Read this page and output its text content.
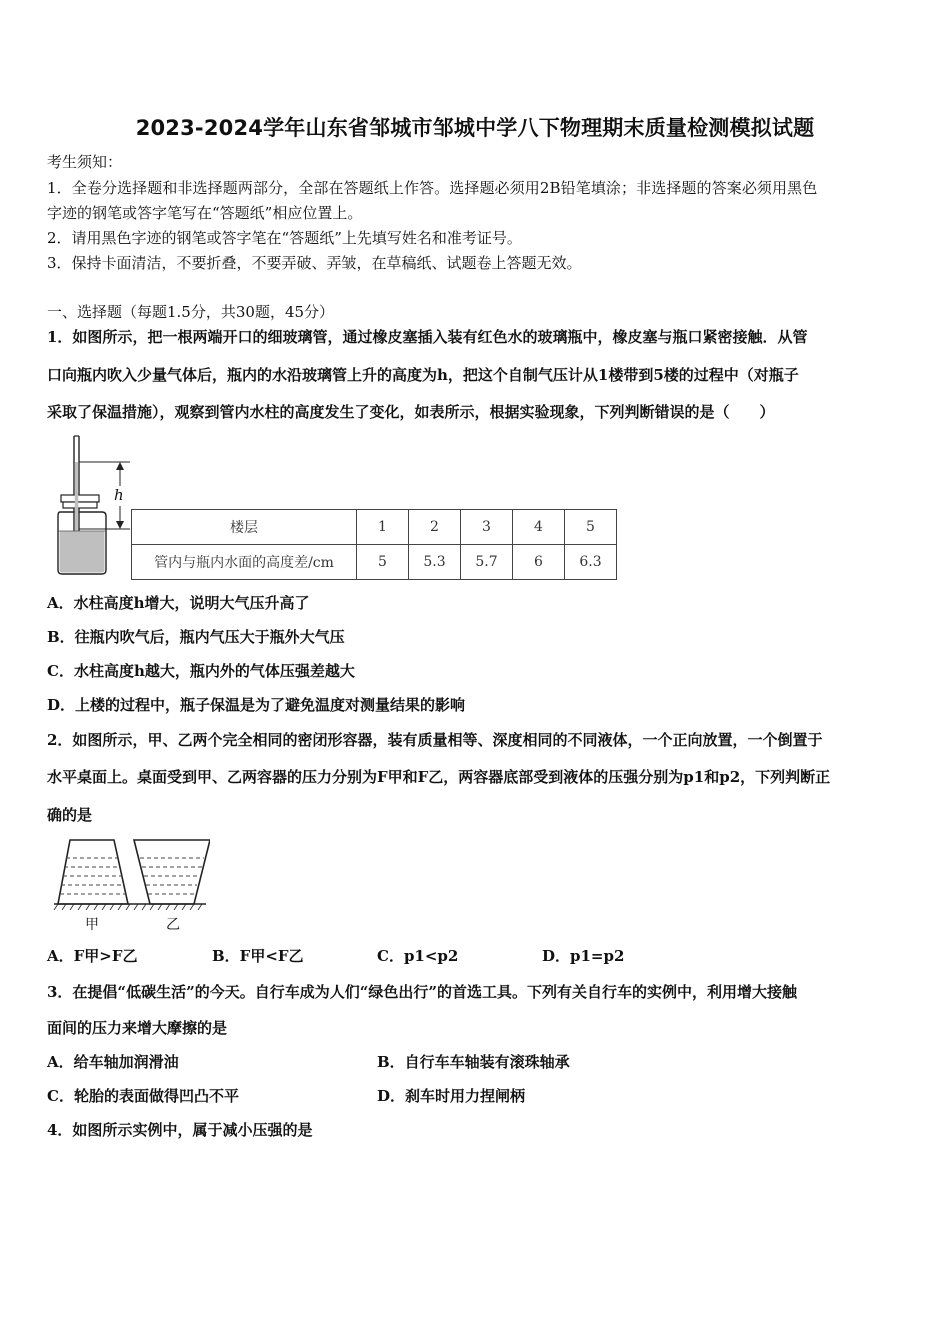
2023-2024学年山东省邹城市邹城中学八下物理期末质量检测模拟试题
考生须知：
1．全卷分选择题和非选择题两部分，全部在答题纸上作答。选择题必须用2B铅笔填涂；非选择题的答案必须用黑色
字迹的钢笔或答字笔写在“答题纸”相应位置上。
2．请用黑色字迹的钢笔或答字笔在“答题纸”上先填写姓名和准考证号。
3．保持卡面清洁，不要折叠，不要弄破、弄皱，在草稿纸、试题卷上答题无效。
一、选择题（每题1.5分，共30题，45分）
1．如图所示，把一根两端开口的细玻璃管，通过橡皮塞插入装有红色水的玻璃瓶中，橡皮塞与瓶口紧密接触．从管
口向瓶内吹入少量气体后，瓶内的水沿玻璃管上升的高度为h，把这个自制气压计从1楼带到5楼的过程中（对瓶子
采取了保温措施），观察到管内水柱的高度发生了变化，如表所示，根据实验现象，下列判断错误的是（　　）
h
楼层	1	2	3	4	5
管内与瓶内水面的高度差/cm	5	5.3	5.7	6	6.3
A．水柱高度h增大，说明大气压升高了
B．往瓶内吹气后，瓶内气压大于瓶外大气压
C．水柱高度h越大，瓶内外的气体压强差越大
D．上楼的过程中，瓶子保温是为了避免温度对测量结果的影响
2．如图所示，甲、乙两个完全相同的密闭形容器，装有质量相等、深度相同的不同液体，一个正向放置，一个倒置于
水平桌面上。桌面受到甲、乙两容器的压力分别为F甲和F乙，两容器底部受到液体的压强分别为p1和p2，下列判断正
确的是
甲	乙
A．F甲>F乙	B．F甲<F乙	C．p1<p2	D．p1=p2
3．在提倡“低碳生活”的今天。自行车成为人们“绿色出行”的首选工具。下列有关自行车的实例中，利用增大接触
面间的压力来增大摩擦的是
A．给车轴加润滑油	B．自行车车轴装有滚珠轴承
C．轮胎的表面做得凹凸不平	D．刹车时用力捏闸柄
4．如图所示实例中，属于减小压强的是
